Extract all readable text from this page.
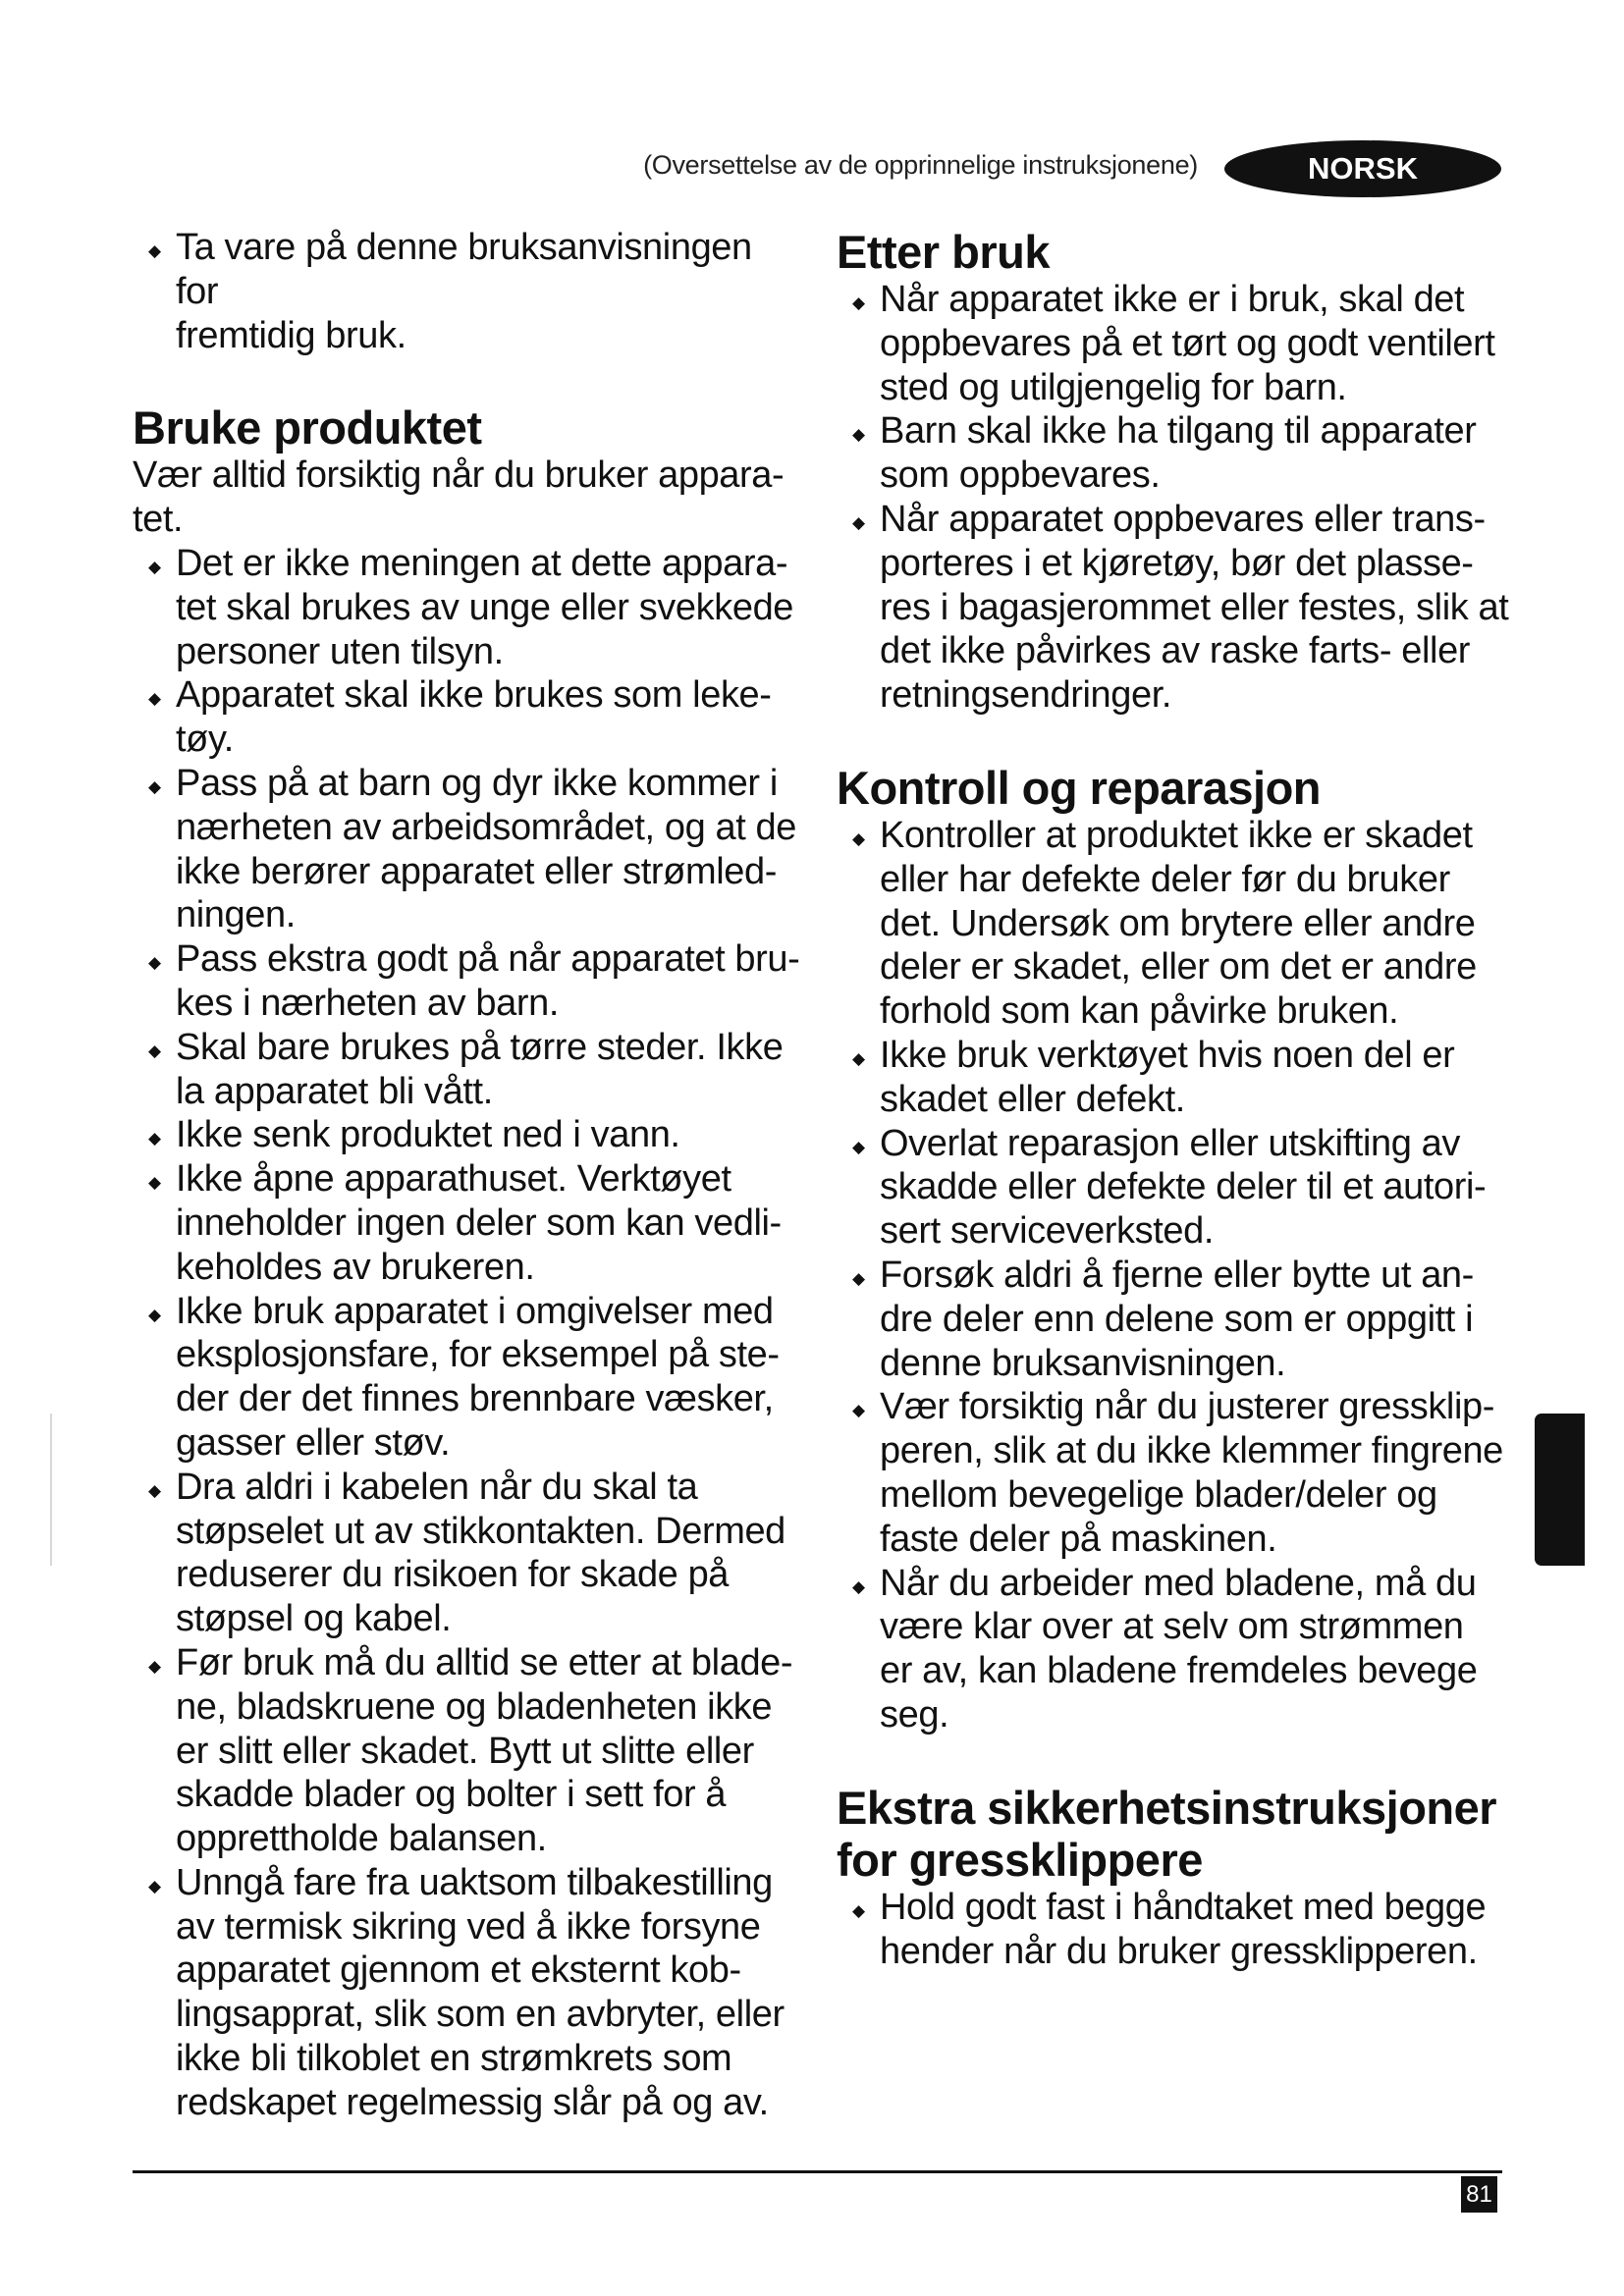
(Oversettelse av de opprinnelige instruksjonene)	NORSK
◆ Ta vare på denne bruksanvisningen for
fremtidig bruk.
Bruke produktet

Vær alltid forsiktig når du bruker appara-
tet.

◆ Det er ikke meningen at dette appara-
tet skal brukes av unge eller svekkede
personer uten tilsyn.
◆ Apparatet skal ikke brukes som leke-
tøy.
◆ Pass på at barn og dyr ikke kommer i
nærheten av arbeidsområdet, og at de
ikke berører apparatet eller strømled-
ningen.
◆ Pass ekstra godt på når apparatet bru-
kes i nærheten av barn.
◆ Skal bare brukes på tørre steder. Ikke
la apparatet bli vått.
◆ Ikke senk produktet ned i vann.
◆ Ikke åpne apparathuset. Verktøyet
inneholder ingen deler som kan vedli-
keholdes av brukeren.
◆ Ikke bruk apparatet i omgivelser med
eksplosjonsfare, for eksempel på ste-
der der det finnes brennbare væsker,
gasser eller støv.
◆ Dra aldri i kabelen når du skal ta
støpselet ut av stikkontakten. Dermed
reduserer du risikoen for skade på
støpsel og kabel.
◆ Før bruk må du alltid se etter at blade-
ne, bladskruene og bladenheten ikke
er slitt eller skadet. Bytt ut slitte eller
skadde blader og bolter i sett for å
opprettholde balansen.
◆ Unngå fare fra uaktsom tilbakestilling
av termisk sikring ved å ikke forsyne
apparatet gjennom et eksternt kob-
lingsapprat, slik som en avbryter, eller
ikke bli tilkoblet en strømkrets som
redskapet regelmessig slår på og av.
Etter bruk
◆ Når apparatet ikke er i bruk, skal det
oppbevares på et tørt og godt ventilert
sted og utilgjengelig for barn.
◆ Barn skal ikke ha tilgang til apparater
som oppbevares.
◆ Når apparatet oppbevares eller trans-
porteres i et kjøretøy, bør det plasse-
res i bagasjerommet eller festes, slik at
det ikke påvirkes av raske farts- eller
retningsendringer.
Kontroll og reparasjon
◆ Kontroller at produktet ikke er skadet
eller har defekte deler før du bruker
det. Undersøk om brytere eller andre
deler er skadet, eller om det er andre
forhold som kan påvirke bruken.
◆ Ikke bruk verktøyet hvis noen del er
skadet eller defekt.
◆ Overlat reparasjon eller utskifting av
skadde eller defekte deler til et autori-
sert serviceverksted.
◆ Forsøk aldri å fjerne eller bytte ut an-
dre deler enn delene som er oppgitt i
denne bruksanvisningen.
◆ Vær forsiktig når du justerer gressklip-
peren, slik at du ikke klemmer fingrene
mellom bevegelige blader/deler og
faste deler på maskinen.
◆ Når du arbeider med bladene, må du
være klar over at selv om strømmen
er av, kan bladene fremdeles bevege
seg.
Ekstra sikkerhetsinstruksjoner
for gressklippere
◆ Hold godt fast i håndtaket med begge
hender når du bruker gressklipperen.
81
